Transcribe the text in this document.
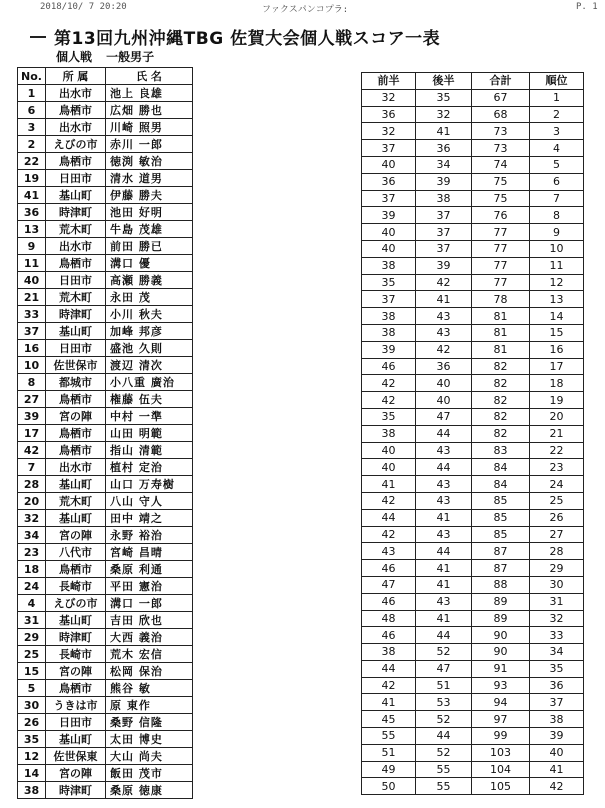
2018/10/ 7 20:20	ファクスパンコプラ:	P. 1
第13回九州沖縄TBG 佐賀大会個人戦スコア一表
個人戦 一般男子
No.	所 属	氏 名
1	出水市	池上 良雄
6	鳥栖市	広畑 勝也
3	出水市	川崎 照男
2	えびの市	赤川 一郎
22	鳥栖市	徳渕 敏治
19	日田市	清水 道男
41	基山町	伊藤 勝夫
36	時津町	池田 好明
13	荒木町	牛島 茂雄
9	出水市	前田 勝已
11	鳥栖市	溝口 優
40	日田市	高瀬 勝義
21	荒木町	永田 茂
33	時津町	小川 秋夫
37	基山町	加峰 邦彦
16	日田市	盛池 久則
10	佐世保市	渡辺 清次
8	都城市	小八重 廣治
27	鳥栖市	権藤 伍夫
39	宮の陣	中村 一準
17	鳥栖市	山田 明範
42	鳥栖市	指山 清範
7	出水市	植村 定治
28	基山町	山口 万寿樹
20	荒木町	八山 守人
32	基山町	田中 靖之
34	宮の陣	永野 裕治
23	八代市	宮崎 昌晴
18	鳥栖市	桑原 利通
24	長崎市	平田 憲治
4	えびの市	溝口 一郎
31	基山町	吉田 欣也
29	時津町	大西 義治
25	長崎市	荒木 宏信
15	宮の陣	松岡 保治
5	鳥栖市	熊谷 敏
30	うきは市	原 東作
26	日田市	桑野 信隆
35	基山町	太田 博史
12	佐世保東	大山 尚夫
14	宮の陣	飯田 茂市
38	時津町	桑原 徳康
前半	後半	合計	順位
32	35	67	1
36	32	68	2
32	41	73	3
37	36	73	4
40	34	74	5
36	39	75	6
37	38	75	7
39	37	76	8
40	37	77	9
40	37	77	10
38	39	77	11
35	42	77	12
37	41	78	13
38	43	81	14
38	43	81	15
39	42	81	16
46	36	82	17
42	40	82	18
42	40	82	19
35	47	82	20
38	44	82	21
40	43	83	22
40	44	84	23
41	43	84	24
42	43	85	25
44	41	85	26
42	43	85	27
43	44	87	28
46	41	87	29
47	41	88	30
46	43	89	31
48	41	89	32
46	44	90	33
38	52	90	34
44	47	91	35
42	51	93	36
41	53	94	37
45	52	97	38
55	44	99	39
51	52	103	40
49	55	104	41
50	55	105	42
